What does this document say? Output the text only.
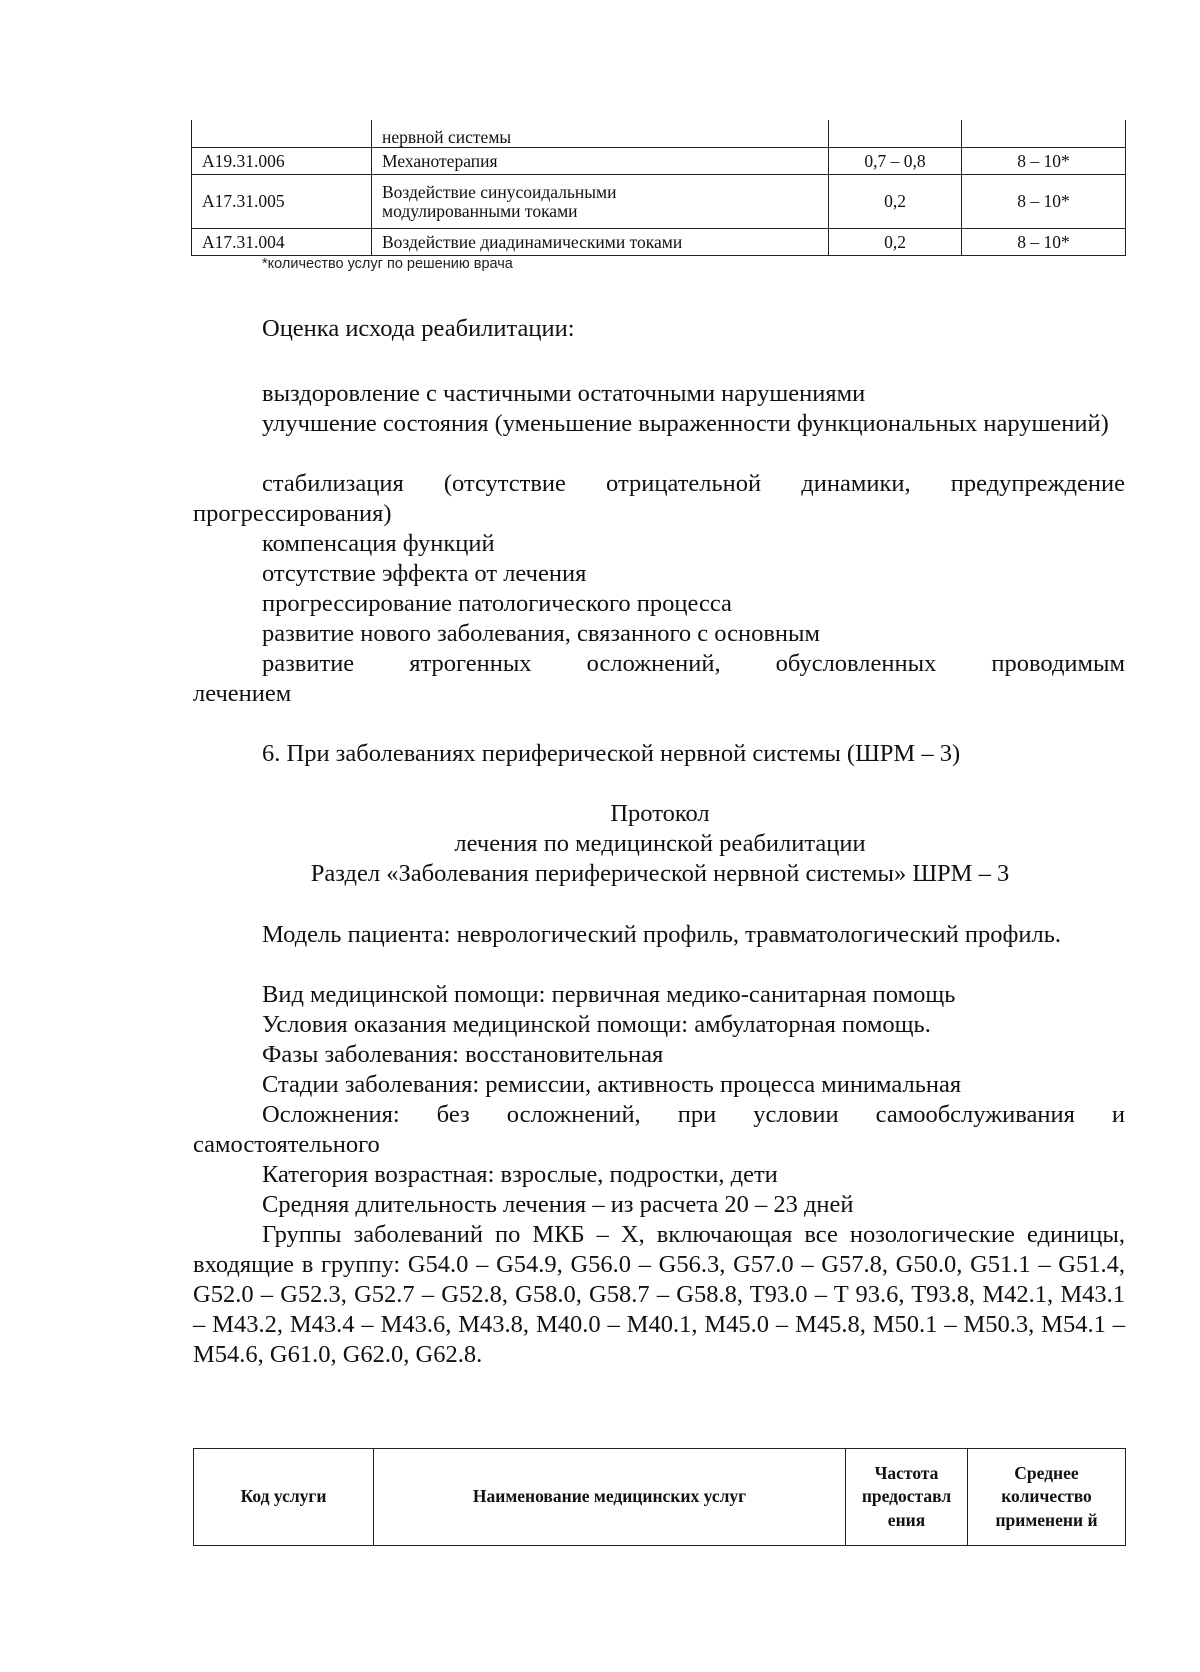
	нервной системы		
A19.31.006	Механотерапия	0,7 – 0,8	8 – 10*
A17.31.005	Воздействие синусоидальными
модулированными токами	0,2	8 – 10*
A17.31.004	Воздействие диадинамическими токами	0,2	8 – 10*
*количество услуг по решению врача
Оценка исхода реабилитации:
выздоровление с частичными остаточными нарушениями
улучшение состояния (уменьшение выраженности функциональных нарушений)
стабилизация (отсутствие отрицательной динамики, предупреждение прогрессирования)
компенсация функций
отсутствие эффекта от лечения
прогрессирование патологического процесса
развитие нового заболевания, связанного с основным
развитие ятрогенных осложнений, обусловленных проводимым лечением
6. При заболеваниях периферической нервной системы (ШРМ – 3)
Протокол
лечения по медицинской реабилитации
Раздел «Заболевания периферической нервной системы» ШРМ – 3
Модель пациента: неврологический профиль, травматологический профиль.
Вид медицинской помощи: первичная медико-санитарная помощь
Условия оказания медицинской помощи: амбулаторная помощь.
Фазы заболевания: восстановительная
Стадии заболевания: ремиссии, активность процесса минимальная
Осложнения: без осложнений, при условии самообслуживания и самостоятельного
Категория возрастная: взрослые, подростки, дети
Средняя длительность лечения – из расчета 20 – 23 дней
Группы заболеваний по МКБ – X, включающая все нозологические единицы, входящие в группу: G54.0 – G54.9, G56.0 – G56.3, G57.0 – G57.8, G50.0, G51.1 – G51.4, G52.0 – G52.3, G52.7 – G52.8, G58.0, G58.7 – G58.8, T93.0 – T 93.6, T93.8, M42.1, M43.1 – M43.2, M43.4 – M43.6, M43.8, M40.0 – M40.1, M45.0 – M45.8, M50.1 – M50.3, M54.1 – M54.6, G61.0, G62.0, G62.8.
Код услуги	Наименование медицинских услуг	Частота предоставл ения	Среднее количество применени й
